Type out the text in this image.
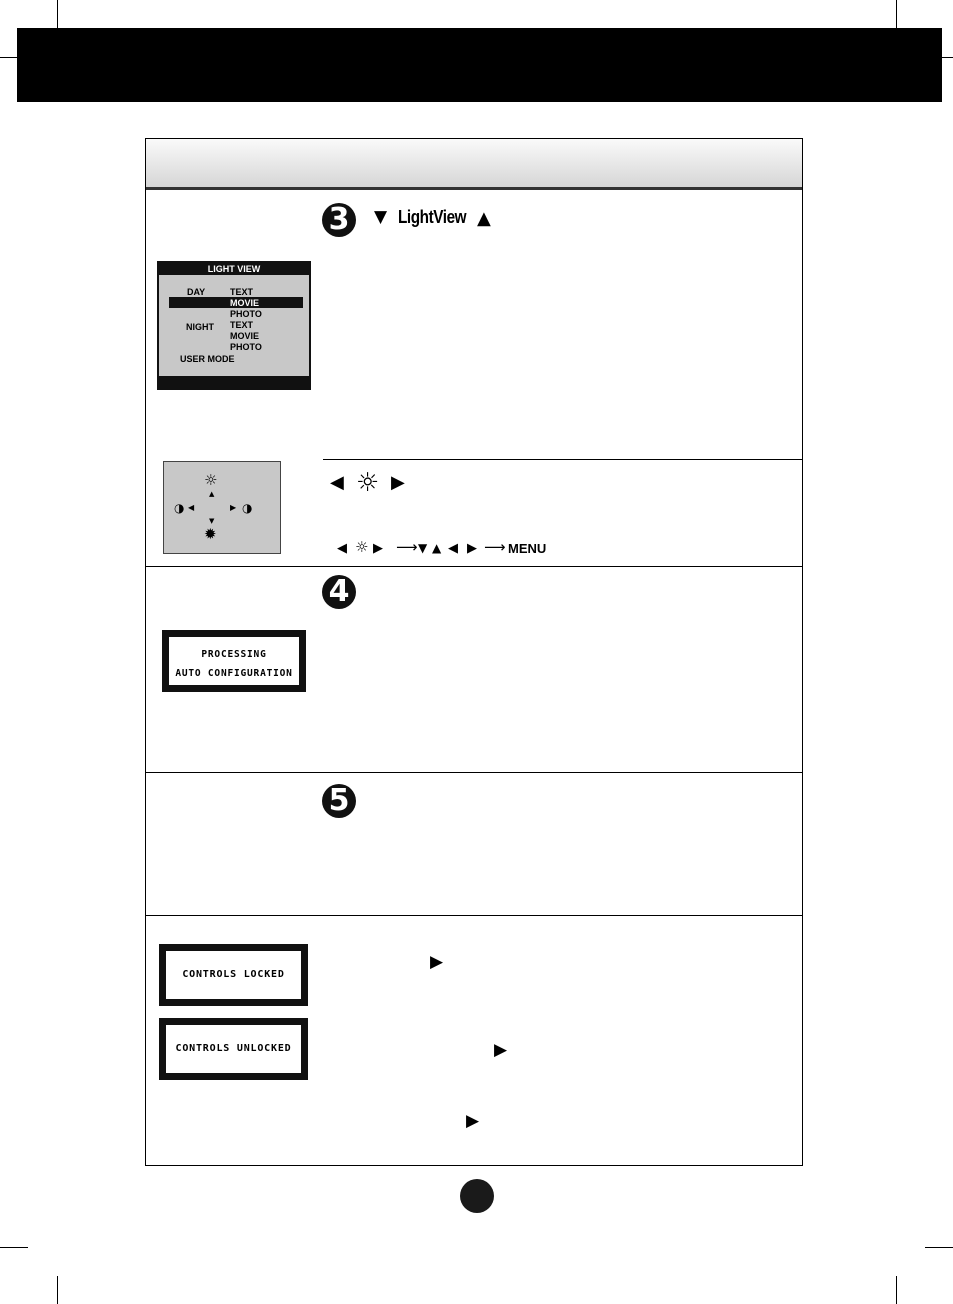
3	▼ LightView ▲
LIGHT VIEW
DAY	TEXT
MOVIE
PHOTO
NIGHT TEXT
MOVIE
PHOTO
USER MODE
☼
▲
◑ ◀	▶ ◑
▼
✹
◀ ☼ ▶
◀ ☼ ▶ ⟶ ▼ ▲ ◀ ▶ ⟶ MENU
4
PROCESSING
AUTO CONFIGURATION
5
CONTROLS LOCKED
CONTROLS UNLOCKED
▶
▶
▶
